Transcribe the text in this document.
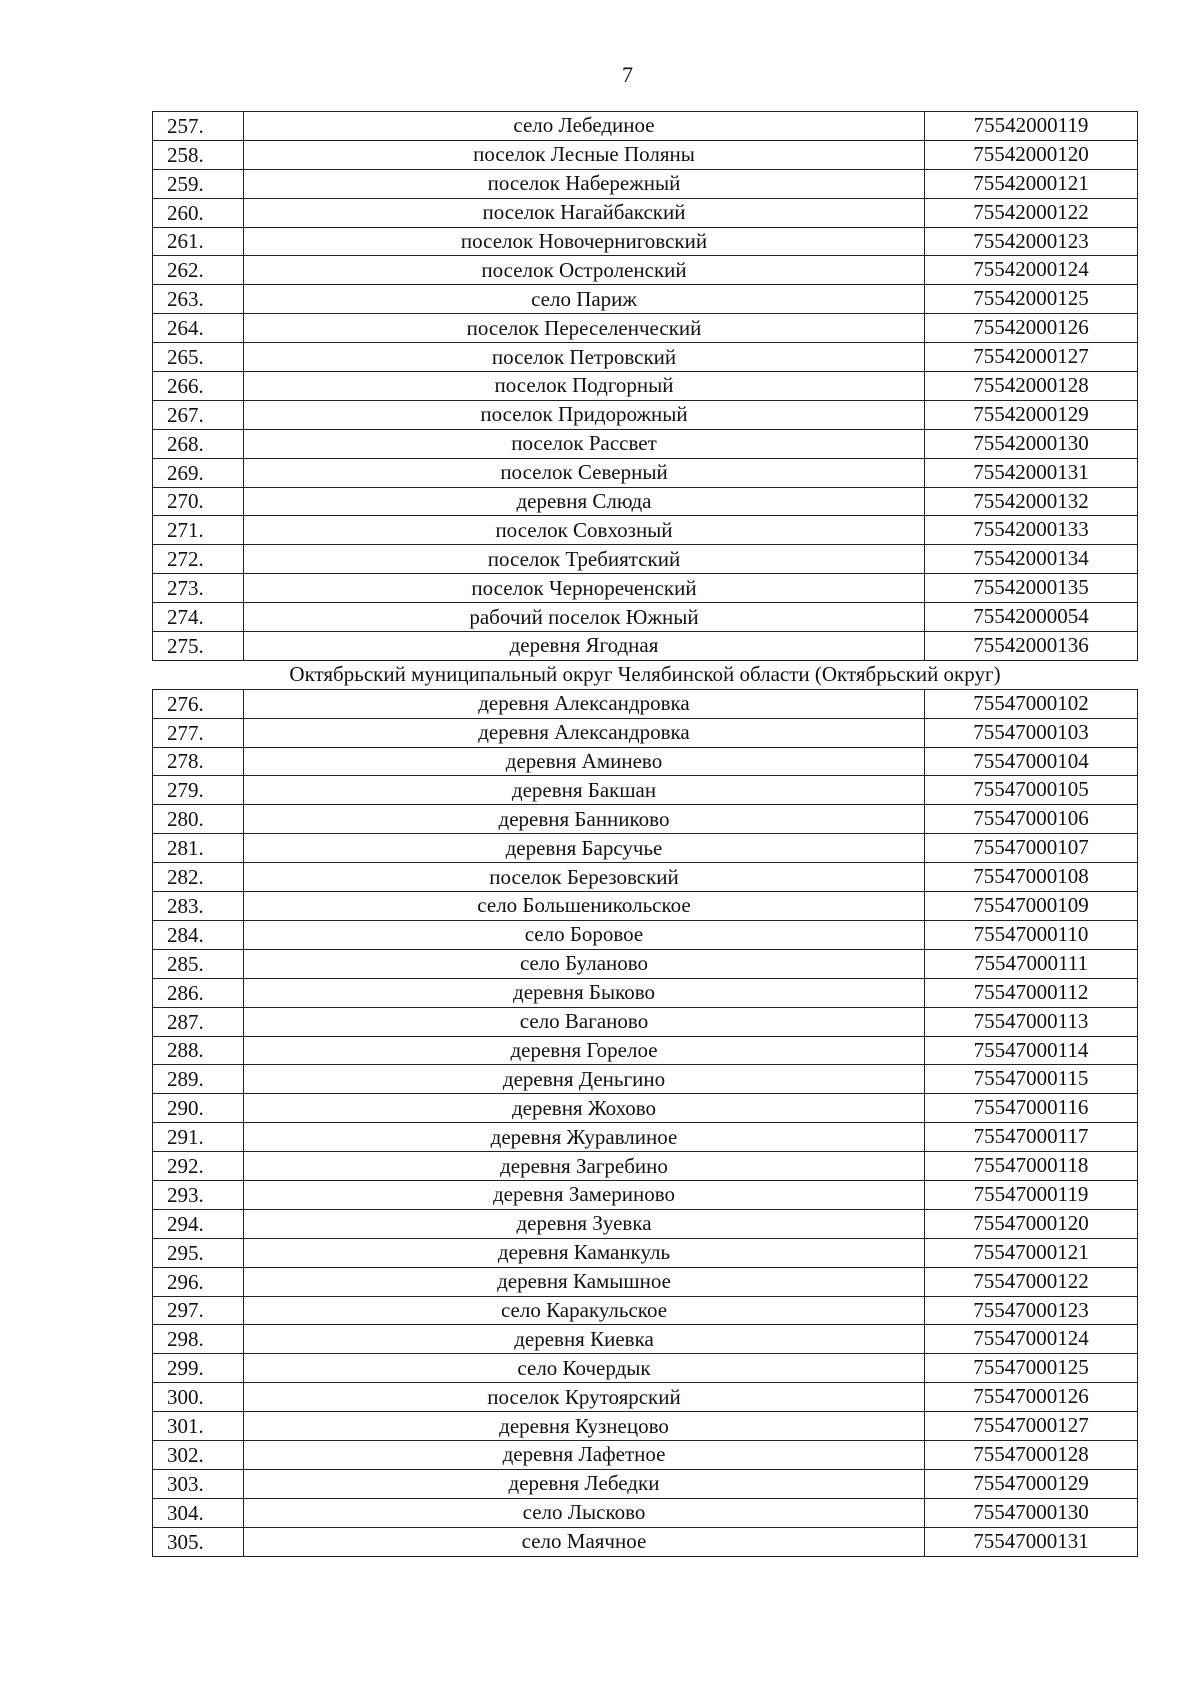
7
257.	село Лебединое	75542000119
258.	поселок Лесные Поляны	75542000120
259.	поселок Набережный	75542000121
260.	поселок Нагайбакский	75542000122
261.	поселок Новочерниговский	75542000123
262.	поселок Остроленский	75542000124
263.	село Париж	75542000125
264.	поселок Переселенческий	75542000126
265.	поселок Петровский	75542000127
266.	поселок Подгорный	75542000128
267.	поселок Придорожный	75542000129
268.	поселок Рассвет	75542000130
269.	поселок Северный	75542000131
270.	деревня Слюда	75542000132
271.	поселок Совхозный	75542000133
272.	поселок Требиятский	75542000134
273.	поселок Чернореченский	75542000135
274.	рабочий поселок Южный	75542000054
275.	деревня Ягодная	75542000136
Октябрьский муниципальный округ Челябинской области (Октябрьский округ)		
276.	деревня Александровка	75547000102
277.	деревня Александровка	75547000103
278.	деревня Аминево	75547000104
279.	деревня Бакшан	75547000105
280.	деревня Банниково	75547000106
281.	деревня Барсучье	75547000107
282.	поселок Березовский	75547000108
283.	село Большеникольское	75547000109
284.	село Боровое	75547000110
285.	село Буланово	75547000111
286.	деревня Быково	75547000112
287.	село Ваганово	75547000113
288.	деревня Горелое	75547000114
289.	деревня Деньгино	75547000115
290.	деревня Жохово	75547000116
291.	деревня Журавлиное	75547000117
292.	деревня Загребино	75547000118
293.	деревня Замериново	75547000119
294.	деревня Зуевка	75547000120
295.	деревня Каманкуль	75547000121
296.	деревня Камышное	75547000122
297.	село Каракульское	75547000123
298.	деревня Киевка	75547000124
299.	село Кочердык	75547000125
300.	поселок Крутоярский	75547000126
301.	деревня Кузнецово	75547000127
302.	деревня Лафетное	75547000128
303.	деревня Лебедки	75547000129
304.	село Лысково	75547000130
305.	село Маячное	75547000131
